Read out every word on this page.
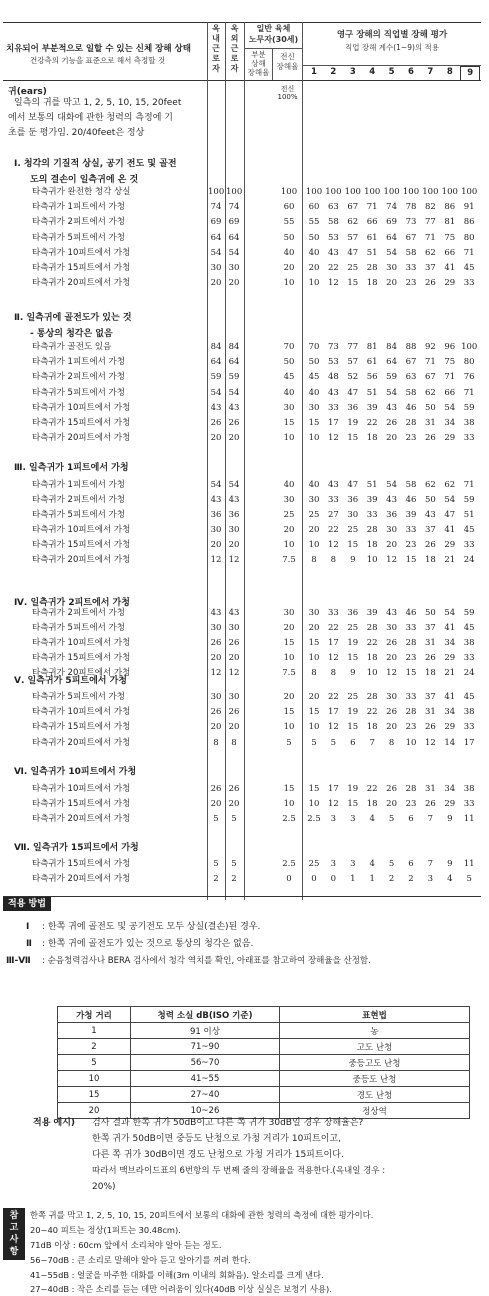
치유되어 부분적으로 일할 수 있는 신체 장해 상태
건강측의 기능을 표준으로 해서 측정할 것
옥
내
근
로
자
옥
외
근
로
자
일반 육체
노무자(30세)
부분
상해
장해율
전신
장해율
영구 장해의 직업별 장해 평가
직업 장해 계수(1~9)의 적용
1	2	3	4	5	6	7	8	9
귀(ears)	전신
100%
일측의 귀를 막고 1, 2, 5, 10, 15, 20feet
에서 보통의 대화에 관한 청력의 측정에 기
초를 둔 평가임. 20/40feet은 정상
Ⅰ. 청각의 기질적 상실, 공기 전도 및 골전
도의 결손이 일측귀에 온 것
타측귀가 완전한 청각 상실	100 100	100 100 100 100 100 100 100 100 100 100
타측귀가 1피트에서 가청	74 74	60	60	63	67	71	74	78	82	86	91
타측귀가 2피트에서 가청	69 69	55	55	58	62	66	69	73	77	81	86
타측귀가 5피트에서 가청	64 64	50	50	53	57	61	64	67	71	75	80
타측귀가 10피트에서 가청	54 54	40	40	43	47	51	54	58	62	66	71
타측귀가 15피트에서 가청	30 30	20	20	22	25	28	30	33	37	41	45
타측귀가 20피트에서 가청	20 20	10	10	12	15	18	20	23	26	29	33
Ⅱ. 일측귀에 골전도가 있는 것
- 통상의 청각은 없음
타측귀가 골전도 있음	84 84	70	70	73	77	81	84	88	92	96 100
타측귀가 1피트에서 가청	64 64	50	50	53	57	61	64	67	71	75	80
타측귀가 2피트에서 가청	59 59	45	45	48	52	56	59	63	67	71	76
타측귀가 5피트에서 가청	54 54	40	40	43	47	51	54	58	62	66	71
타측귀가 10피트에서 가청	43 43	30	30	33	36	39	43	46	50	54	59
타측귀가 15피트에서 가청	26 26	15	15	17	19	22	26	28	31	34	38
타측귀가 20피트에서 가청	20 20	10	10	12	15	18	20	23	26	29	33
Ⅲ. 일측귀가 1피트에서 가청
타측귀가 1피트에서 가청	54 54	40	40	43	47	51	54	58	62	62	71
타측귀가 2피트에서 가청	43 43	30	30	33	36	39	43	46	50	54	59
타측귀가 5피트에서 가청	36 36	25	25	27	30	33	36	39	43	47	51
타측귀가 10피트에서 가청	30 30	20	20	22	25	28	30	33	37	41	45
타측귀가 15피트에서 가청	20 20	10	10	12	15	18	20	23	26	29	33
타측귀가 20피트에서 가청	12 12	7.5	8	8	9	10	12	15	18	21	24
Ⅳ. 일측귀가 2피트에서 가청
타측귀가 2피트에서 가청	43 43	30	30	33	36	39	43	46	50	54	59
타측귀가 5피트에서 가청	30 30	20	20	22	25	28	30	33	37	41	45
타측귀가 10피트에서 가청	26 26	15	15	17	19	22	26	28	31	34	38
타측귀가 15피트에서 가청	20 20	10	10	12	15	18	20	23	26	29	33
타측귀가 20피트에서 가청	12 12	7.5	8	8	9	10	12	15	18	21	24
Ⅴ. 일측귀가 5피트에서 가청
타측귀가 5피트에서 가청	30 30	20	20	22	25	28	30	33	37	41	45
타측귀가 10피트에서 가청	26 26	15	15	17	19	22	26	28	31	34	38
타측귀가 15피트에서 가청	20 20	10	10	12	15	18	20	23	26	29	33
타측귀가 20피트에서 가청	8	8	5	5	5	6	7	8	10	12	14	17
Ⅵ. 일측귀가 10피트에서 가청
타측귀가 10피트에서 가청	26 26	15	15	17	19	22	26	28	31	34	38
타측귀가 15피트에서 가청	20 20	10	10	12	15	18	20	23	26	29	33
타측귀가 20피트에서 가청	5	5	2.5	2.5	3	3	4	5	6	7	9	11
Ⅶ. 일측귀가 15피트에서 가청
타측귀가 15피트에서 가청	5	5	2.5	25	3	3	4	5	6	7	9	11
타측귀가 20피트에서 가청	2	2	0	0	0	1	1	2	2	3	4	5
적용 방법
Ⅰ : 한쪽 귀에 골전도 및 공기전도 모두 상실(결손)된 경우.
Ⅱ : 한쪽 귀에 골전도가 있는 것으로 통상의 청각은 없음.
Ⅲ-Ⅶ : 순음청력검사나 BERA 검사에서 청각 역치를 확인, 아래표를 참고하여 장해율을 산정함.
가청 거리	청력 소실 dB(ISO 기준)	표현법
1	91 이상	농
2	71~90	고도 난청
5	56~70	중등고도 난청
10	41~55	중등도 난청
15	27~40	경도 난청
20	10~26	정상역
적용 예시) 검사 결과 한쪽 귀가 50dB이고 다른 쪽 귀가 30dB일 경우 장해율은?
한쪽 귀가 50dB이면 중등도 난청으로 가청 거리가 10피트이고,
다른 쪽 귀가 30dB이면 경도 난청으로 가청 거리가 15피트이다.
따라서 맥브라이드표의 6번항의 두 번째 줄의 장해율을 적용한다.(옥내일 경우 :
20%)
참고
사항
한쪽 귀를 막고 1, 2, 5, 10, 15, 20피트에서 보통의 대화에 관한 청력의 측정에 대한 평가이다.
20~40 피트는 정상(1피트는 30.48cm).
71dB 이상 : 60cm 앞에서 소리쳐야 알아 듣는 정도.
56~70dB : 큰 소리로 말해야 알아 듣고 알아기를 꺼려 한다.
41~55dB : 얼굴을 마주한 대화를 이해(3m 이내의 회화음). 알소리를 크게 낸다.
27~40dB : 작은 소리를 듣는 데만 어려움이 있다(40dB 이상 실실은 보청기 사용).
